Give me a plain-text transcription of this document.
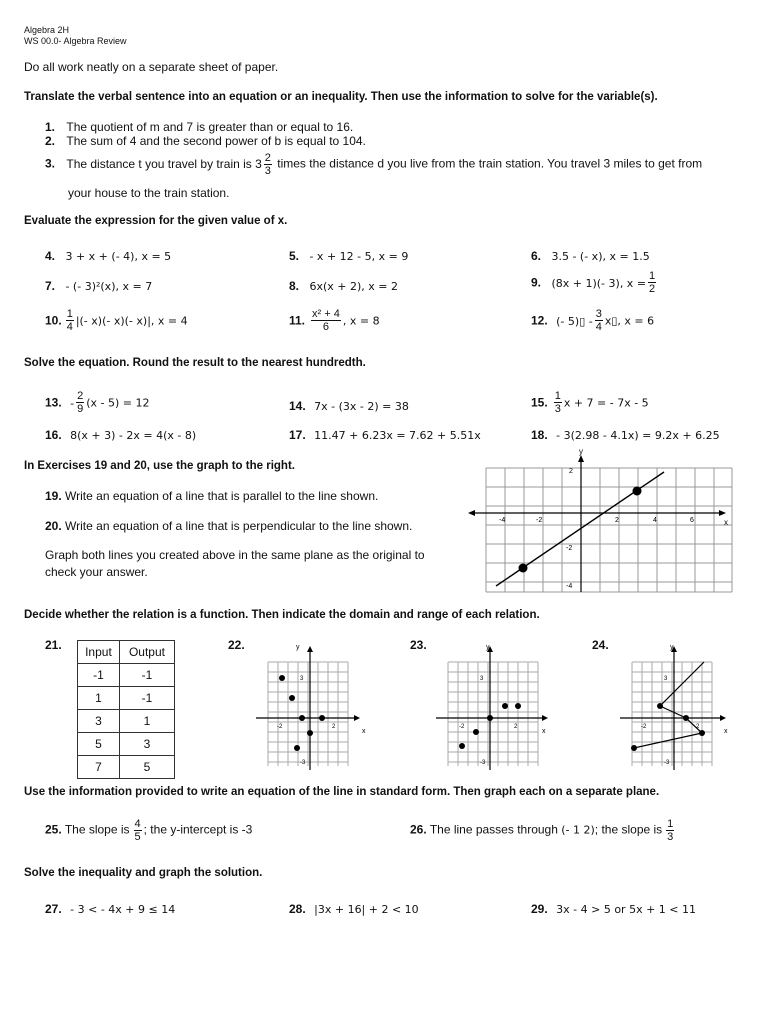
Algebra 2H
WS 00.0- Algebra Review
Do all work neatly on a separate sheet of paper.
Translate the verbal sentence into an equation or an inequality. Then use the information to solve for the variable(s).
1. The quotient of m and 7 is greater than or equal to 16.
2. The sum of 4 and the second power of b is equal to 104.
3. The distance t you travel by train is $3 \frac{2}{3}$ times the distance d you live from the train station. You travel 3 miles to get from
your house to the train station.
Evaluate the expression for the given value of x.
4. 3 + x + (- 4), x = 5	5. - x + 12 - 5, x = 9	6. 3.5 - (- x), x = 1.5
7. - (- 3)²(x), x = 7	8. 6x(x + 2), x = 2	9. (8x + 1)(- 3), $x = \frac{1}{2}$
10. $\frac{1}{4}$ |(- x)(- x)(- x)|, x = 4	11. $\frac{\text{x² + 4}}{6}$ , x = 8	12. (- 5)▯ - $\frac{3}{4}$ x▯, x = 6
Solve the equation. Round the result to the nearest hundredth.
13. - $\frac{2}{9} (x - 5) = 12$	14. 7x - (3x - 2) = 38	15. $\frac{1}{3}$ x + 7 = - 7x - 5
16. 8(x + 3) - 2x = 4(x - 8)	17. 11.47 + 6.23x = 7.62 + 5.51x	18. - 3(2.98 - 4.1x) = 9.2x + 6.25
In Exercises 19 and 20, use the graph to the right.
19. Write an equation of a line that is parallel to the line shown.
20. Write an equation of a line that is perpendicular to the line shown.
Graph both lines you created above in the same plane as the original to
check your answer.
y
x
-4	-2	2	4	6
2
-2
-4
Decide whether the relation is a function. Then indicate the domain and range of each relation.
21. Input	Output
-1	-1
1	-1
3	1
5	3
7	5
22.	y
x
-2	2
3
-3
23.	y
x
-2	2
3
-3
24.	y
x
-2	2
3
-3
Use the information provided to write an equation of the line in standard form. Then graph each on a separate plane.
25. The slope is $\frac{4}{5}$ ; the y-intercept is -3	26. The line passes through (- 1 2); the slope is $\frac{1}{3}$
Solve the inequality and graph the solution.
27. - 3 < - 4x + 9 ≤ 14	28. |3x + 16| + 2 < 10	29. 3x - 4 > 5 or 5x + 1 < 11
